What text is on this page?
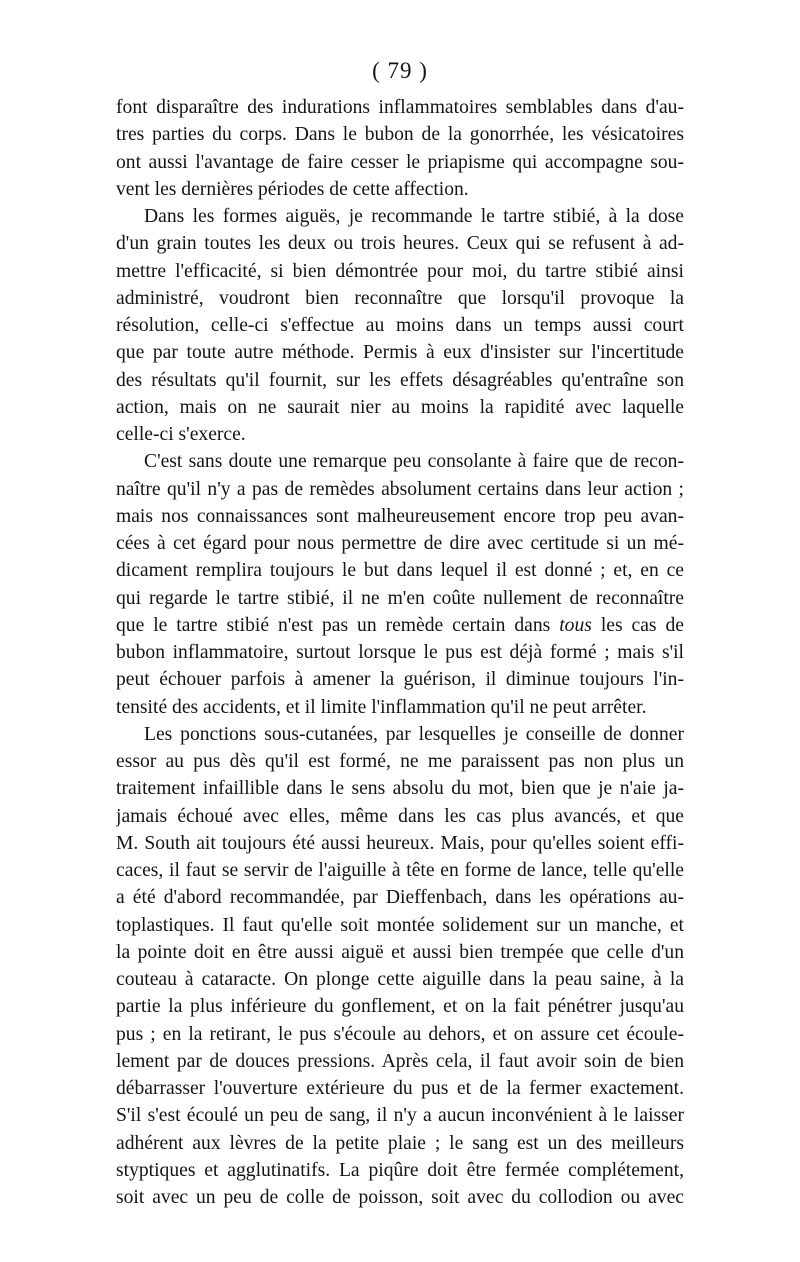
( 79 )
font disparaître des indurations inflammatoires semblables dans d'au-
tres parties du corps. Dans le bubon de la gonorrhée, les vésicatoires
ont aussi l'avantage de faire cesser le priapisme qui accompagne sou-
vent les dernières périodes de cette affection.
Dans les formes aiguës, je recommande le tartre stibié, à la dose
d'un grain toutes les deux ou trois heures. Ceux qui se refusent à ad-
mettre l'efficacité, si bien démontrée pour moi, du tartre stibié ainsi
administré, voudront bien reconnaître que lorsqu'il provoque la
résolution, celle-ci s'effectue au moins dans un temps aussi court
que par toute autre méthode. Permis à eux d'insister sur l'incertitude
des résultats qu'il fournit, sur les effets désagréables qu'entraîne son
action, mais on ne saurait nier au moins la rapidité avec laquelle
celle-ci s'exerce.
C'est sans doute une remarque peu consolante à faire que de recon-
naître qu'il n'y a pas de remèdes absolument certains dans leur action ;
mais nos connaissances sont malheureusement encore trop peu avan-
cées à cet égard pour nous permettre de dire avec certitude si un mé-
dicament remplira toujours le but dans lequel il est donné ; et, en ce
qui regarde le tartre stibié, il ne m'en coûte nullement de reconnaître
que le tartre stibié n'est pas un remède certain dans tous les cas de
bubon inflammatoire, surtout lorsque le pus est déjà formé ; mais s'il
peut échouer parfois à amener la guérison, il diminue toujours l'in-
tensité des accidents, et il limite l'inflammation qu'il ne peut arrêter.
Les ponctions sous-cutanées, par lesquelles je conseille de donner
essor au pus dès qu'il est formé, ne me paraissent pas non plus un
traitement infaillible dans le sens absolu du mot, bien que je n'aie ja-
jamais échoué avec elles, même dans les cas plus avancés, et que
M. South ait toujours été aussi heureux. Mais, pour qu'elles soient effi-
caces, il faut se servir de l'aiguille à tête en forme de lance, telle qu'elle
a été d'abord recommandée, par Dieffenbach, dans les opérations au-
toplastiques. Il faut qu'elle soit montée solidement sur un manche, et
la pointe doit en être aussi aiguë et aussi bien trempée que celle d'un
couteau à cataracte. On plonge cette aiguille dans la peau saine, à la
partie la plus inférieure du gonflement, et on la fait pénétrer jusqu'au
pus ; en la retirant, le pus s'écoule au dehors, et on assure cet écoule-
lement par de douces pressions. Après cela, il faut avoir soin de bien
débarrasser l'ouverture extérieure du pus et de la fermer exactement.
S'il s'est écoulé un peu de sang, il n'y a aucun inconvénient à le laisser
adhérent aux lèvres de la petite plaie ; le sang est un des meilleurs
styptiques et agglutinatifs. La piqûre doit être fermée complétement,
soit avec un peu de colle de poisson, soit avec du collodion ou avec
